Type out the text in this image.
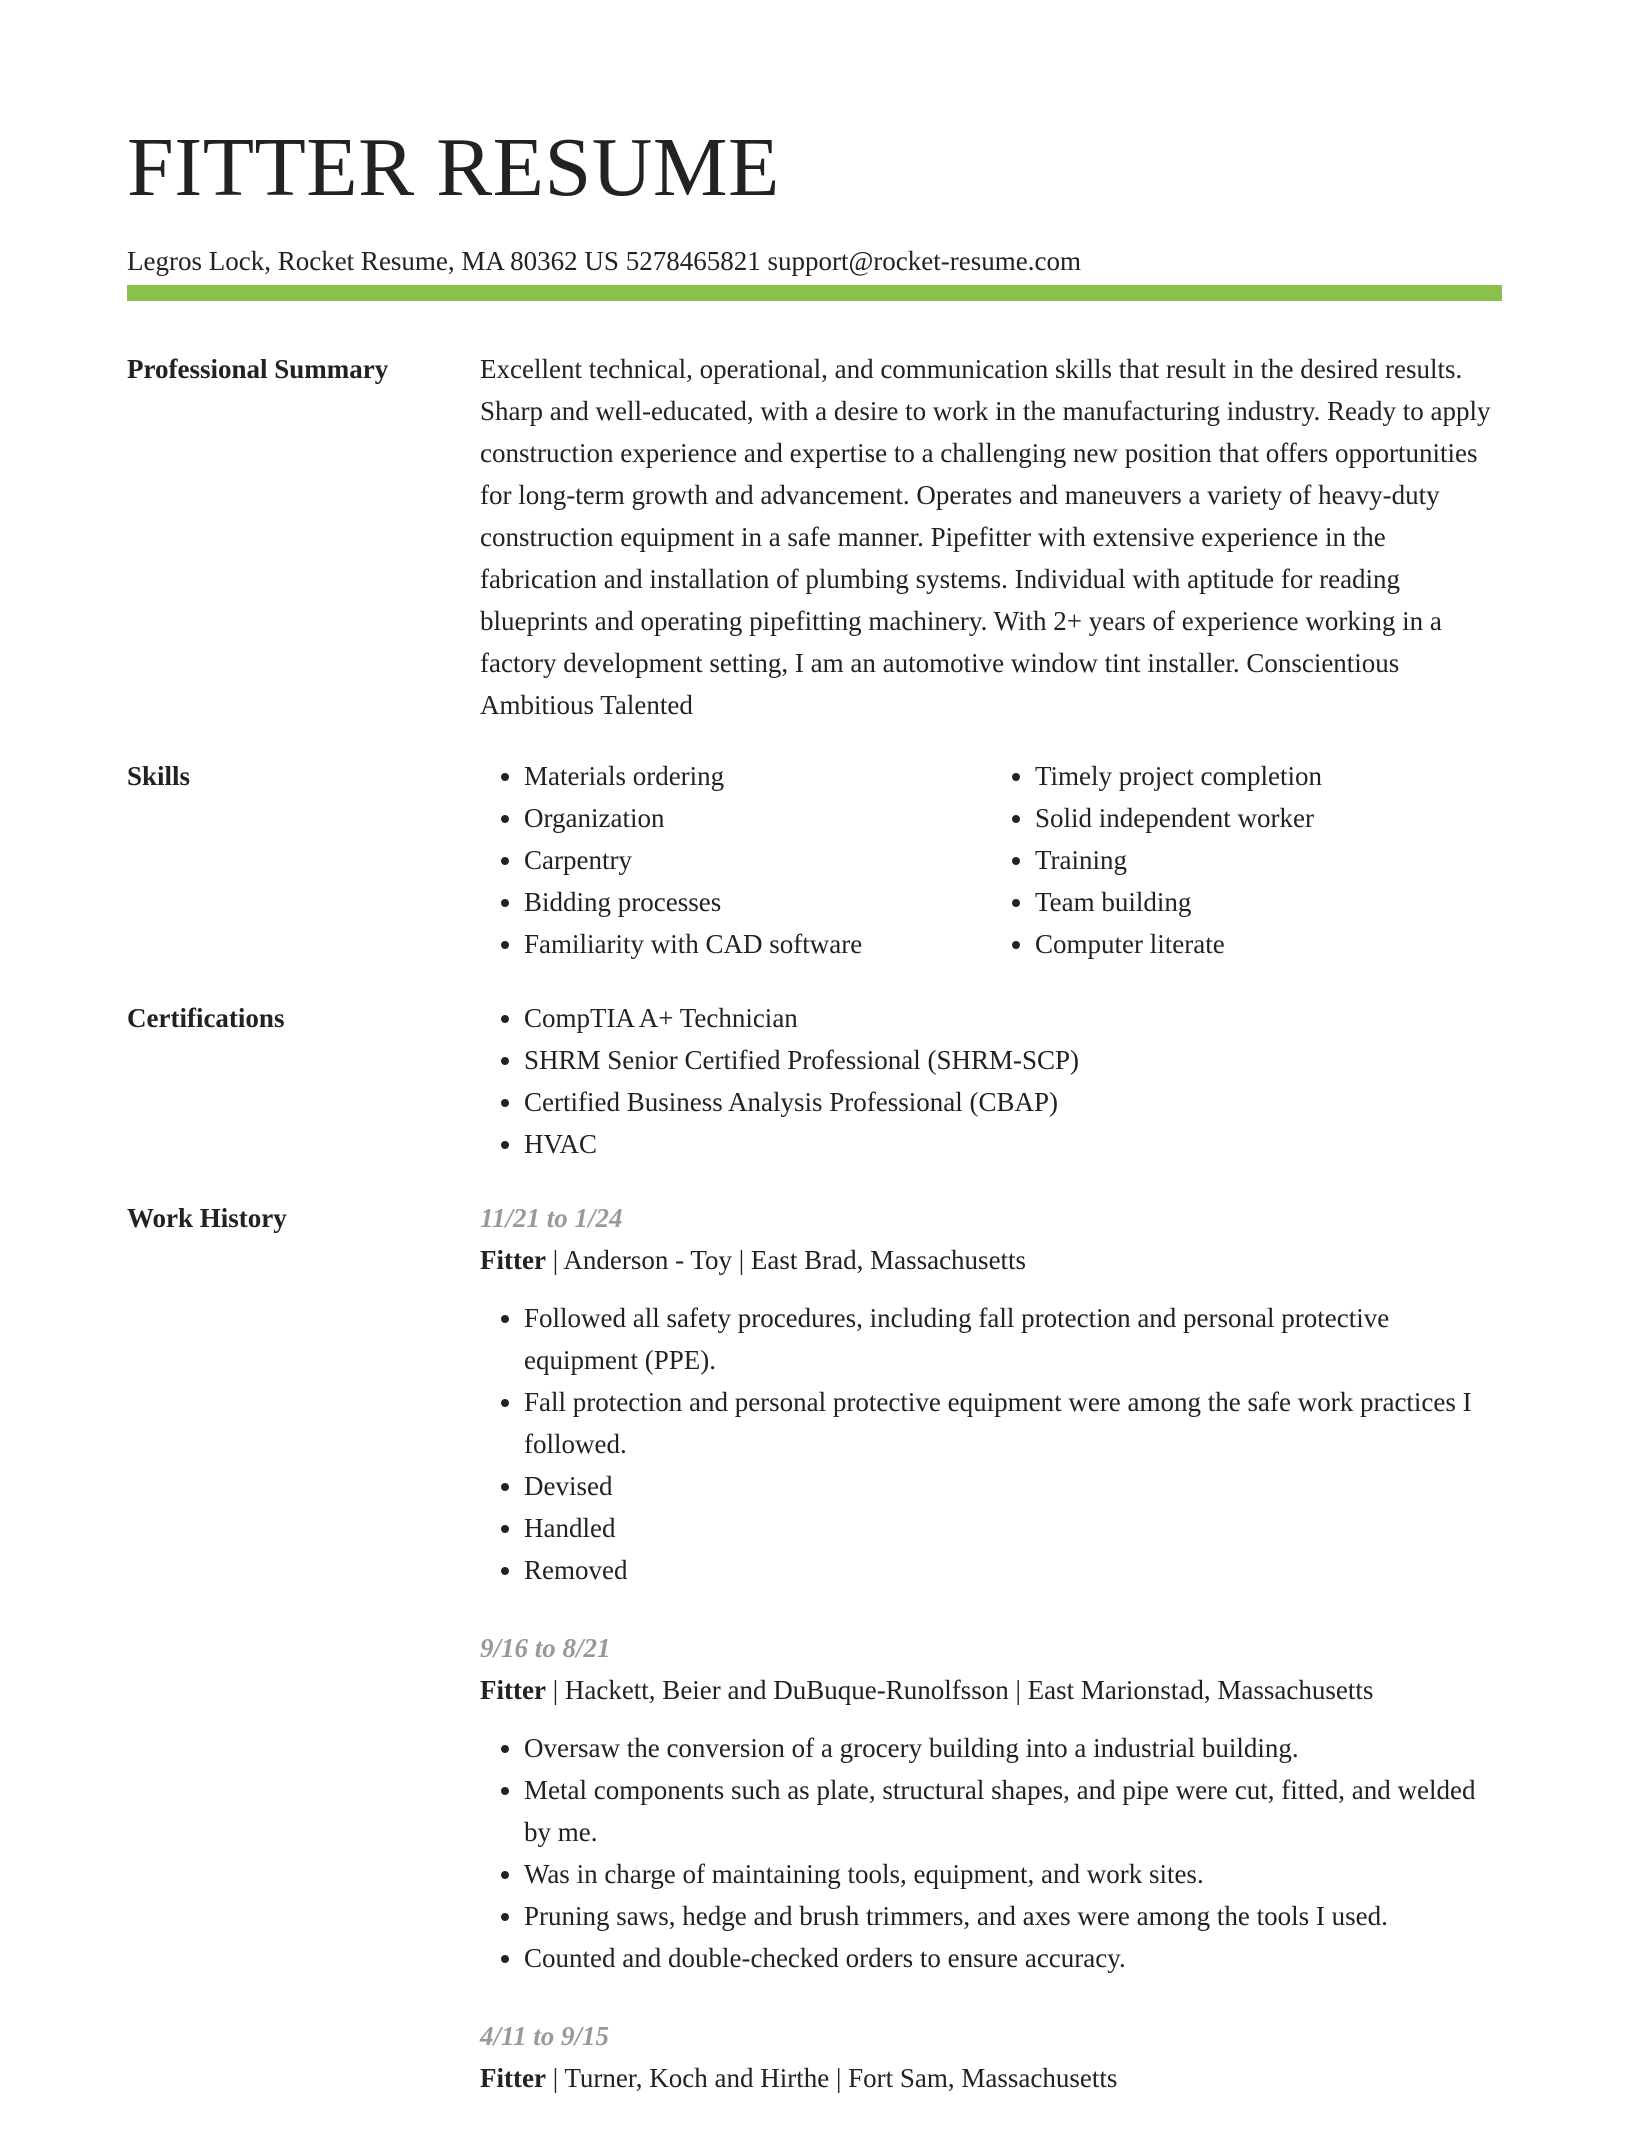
FITTER RESUME
Legros Lock, Rocket Resume, MA 80362 US 5278465821 support@rocket-resume.com
Professional Summary	Excellent technical, operational, and communication skills that result in the desired results. Sharp and well-educated, with a desire to work in the manufacturing industry. Ready to apply construction experience and expertise to a challenging new position that offers opportunities for long-term growth and advancement. Operates and maneuvers a variety of heavy-duty construction equipment in a safe manner. Pipefitter with extensive experience in the fabrication and installation of plumbing systems. Individual with aptitude for reading blueprints and operating pipefitting machinery. With 2+ years of experience working in a factory development setting, I am an automotive window tint installer. Conscientious Ambitious Talented

Skills	• Materials ordering
• Organization
• Carpentry
• Bidding processes
• Familiarity with CAD software
• Timely project completion
• Solid independent worker
• Training
• Team building
• Computer literate
Certifications	• CompTIA A+ Technician
• SHRM Senior Certified Professional (SHRM-SCP)
• Certified Business Analysis Professional (CBAP)
• HVAC
Work History	11/21 to 1/24
Fitter | Anderson - Toy | East Brad, Massachusetts
• Followed all safety procedures, including fall protection and personal protective equipment (PPE).
• Fall protection and personal protective equipment were among the safe work practices I followed.
• Devised
• Handled
• Removed
9/16 to 8/21
Fitter | Hackett, Beier and DuBuque-Runolfsson | East Marionstad, Massachusetts
• Oversaw the conversion of a grocery building into a industrial building.
• Metal components such as plate, structural shapes, and pipe were cut, fitted, and welded by me.
• Was in charge of maintaining tools, equipment, and work sites.
• Pruning saws, hedge and brush trimmers, and axes were among the tools I used.
• Counted and double-checked orders to ensure accuracy.
4/11 to 9/15
Fitter | Turner, Koch and Hirthe | Fort Sam, Massachusetts
